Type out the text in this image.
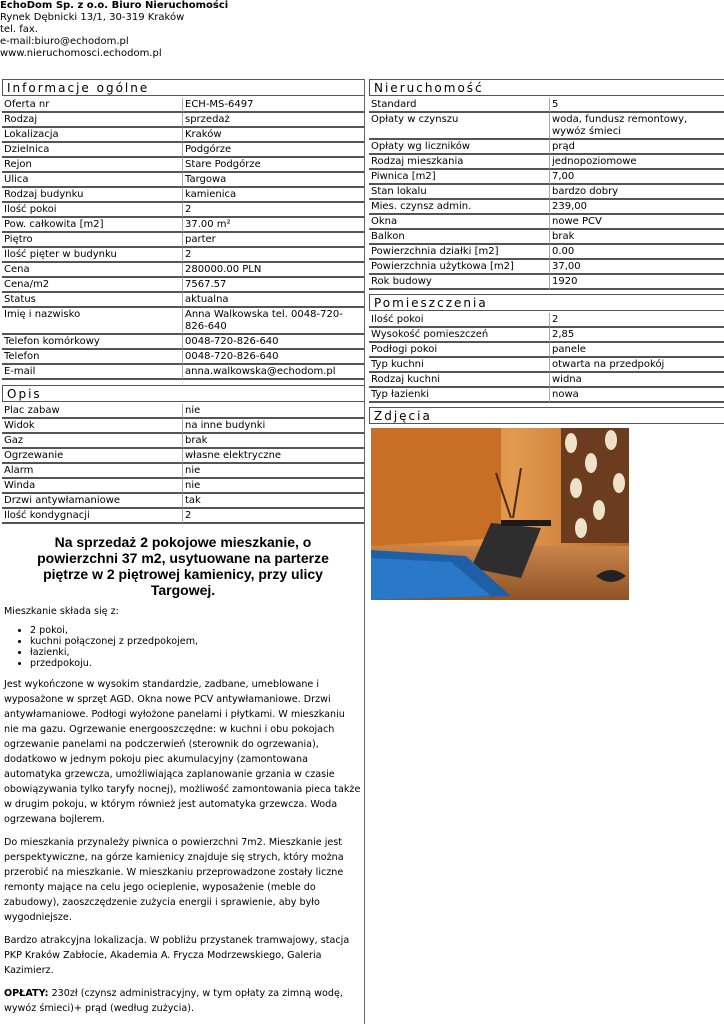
EchoDom Sp. z o.o. Biuro Nieruchomości
Rynek Dębnicki 13/1, 30-319 Kraków
tel. fax.
e-mail:biuro@echodom.pl
www.nieruchomosci.echodom.pl
Informacje ogólne
Oferta nr	ECH-MS-6497
Rodzaj	sprzedaż
Lokalizacja	Kraków
Dzielnica	Podgórze
Rejon	Stare Podgórze
Ulica	Targowa
Rodzaj budynku	kamienica
Ilość pokoi	2
Pow. całkowita [m2]	37.00 m²
Piętro	parter
Ilość pięter w budynku	2
Cena	280000.00 PLN
Cena/m2	7567.57
Status	aktualna
Imię i nazwisko	Anna Walkowska tel. 0048-720-826-640
Telefon komórkowy	0048-720-826-640
Telefon	0048-720-826-640
E-mail	anna.walkowska@echodom.pl
Opis
Plac zabaw	nie
Widok	na inne budynki
Gaz	brak
Ogrzewanie	własne elektryczne
Alarm	nie
Winda	nie
Drzwi antywłamaniowe	tak
Ilość kondygnacji	2
Na sprzedaż 2 pokojowe mieszkanie, o powierzchni 37 m2, usytuowane na parterze piętrze w 2 piętrowej kamienicy, przy ulicy Targowej.

Mieszkanie składa się z:

• 2 pokoi,
• kuchni połączonej z przedpokojem,
• łazienki,
• przedpokoju.

Jest wykończone w wysokim standardzie, zadbane, umeblowane i wyposażone w sprzęt AGD. Okna nowe PCV antywłamaniowe. Drzwi antywłamaniowe. Podłogi wyłożone panelami i płytkami. W mieszkaniu nie ma gazu. Ogrzewanie energooszczędne: w kuchni i obu pokojach ogrzewanie panelami na podczerwień (sterownik do ogrzewania), dodatkowo w jednym pokoju piec akumulacyjny (zamontowana automatyka grzewcza, umożliwiająca zaplanowanie grzania w czasie obowiązywania tylko taryfy nocnej), możliwość zamontowania pieca także w drugim pokoju, w którym również jest automatyka grzewcza. Woda ogrzewana bojlerem.

Do mieszkania przynależy piwnica o powierzchni 7m2. Mieszkanie jest perspektywiczne, na górze kamienicy znajduje się strych, który można przerobić na mieszkanie. W mieszkaniu przeprowadzone zostały liczne remonty mające na celu jego ocieplenie, wyposażenie (meble do zabudowy), zaoszczędzenie zużycia energii i sprawienie, aby było wygodniejsze.

Bardzo atrakcyjna lokalizacja. W pobliżu przystanek tramwajowy, stacja PKP Kraków Zabłocie, Akademia A. Frycza Modrzewskiego, Galeria Kazimierz.

OPŁATY: 230zł (czynsz administracyjny, w tym opłaty za zimną wodę, wywóz śmieci)+ prąd (według zużycia).

Nieruchomość
Standard	5
Opłaty w czynszu	woda, fundusz remontowy, wywóz śmieci
Opłaty wg liczników	prąd
Rodzaj mieszkania	jednopoziomowe
Piwnica [m2]	7,00
Stan lokalu	bardzo dobry
Mies. czynsz admin.	239,00
Okna	nowe PCV
Balkon	brak
Powierzchnia działki [m2]	0.00
Powierzchnia użytkowa [m2]	37,00
Rok budowy	1920
Pomieszczenia
Ilość pokoi	2
Wysokość pomieszczeń	2,85
Podłogi pokoi	panele
Typ kuchni	otwarta na przedpokój
Rodzaj kuchni	widna
Typ łazienki	nowa
Zdjęcia
